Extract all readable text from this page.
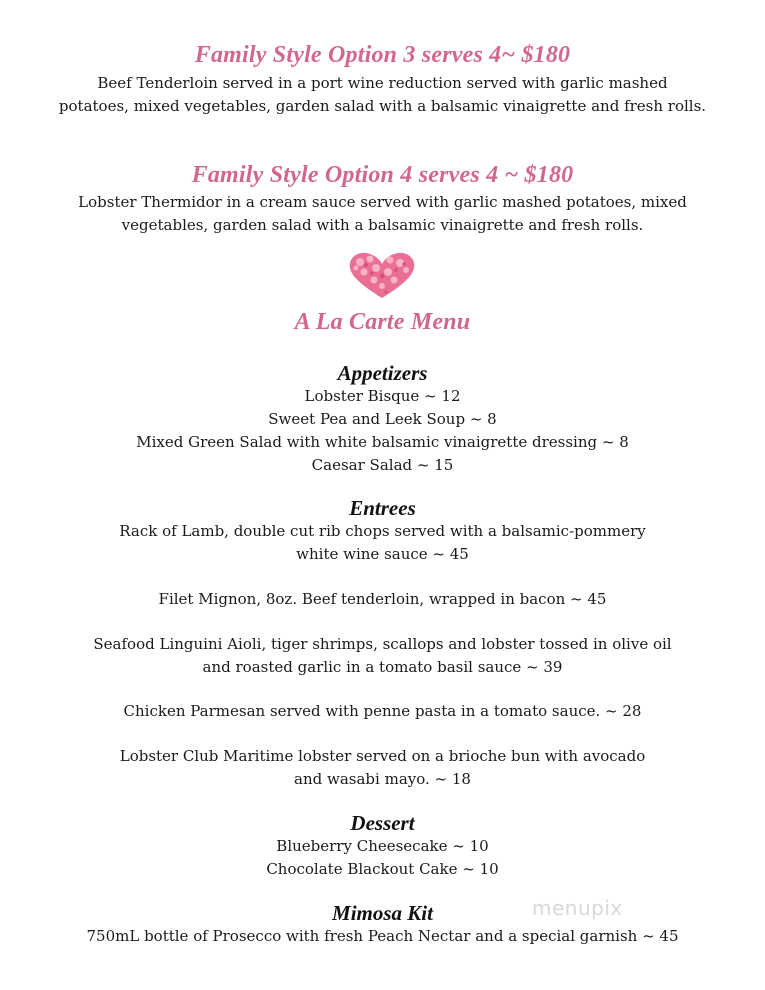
Family Style Option 3 serves 4~ $180
Beef Tenderloin served in a port wine reduction served with garlic mashed
potatoes, mixed vegetables, garden salad with a balsamic vinaigrette and fresh rolls.
Family Style Option 4 serves 4 ~ $180
Lobster Thermidor in a cream sauce served with garlic mashed potatoes, mixed
vegetables, garden salad with a balsamic vinaigrette and fresh rolls.
A La Carte Menu
Appetizers
Lobster Bisque ~ 12
Sweet Pea and Leek Soup ~ 8
Mixed Green Salad with white balsamic vinaigrette dressing ~ 8
Caesar Salad ~ 15
Entrees
Rack of Lamb, double cut rib chops served with a balsamic-pommery
white wine sauce ~ 45
Filet Mignon, 8oz. Beef tenderloin, wrapped in bacon ~ 45
Seafood Linguini Aioli, tiger shrimps, scallops and lobster tossed in olive oil
and roasted garlic in a tomato basil sauce ~ 39
Chicken Parmesan served with penne pasta in a tomato sauce. ~ 28
Lobster Club Maritime lobster served on a brioche bun with avocado
and wasabi mayo. ~ 18
Dessert
Blueberry Cheesecake ~ 10
Chocolate Blackout Cake ~ 10
Mimosa Kit
750mL bottle of Prosecco with fresh Peach Nectar and a special garnish ~ 45
menupix
